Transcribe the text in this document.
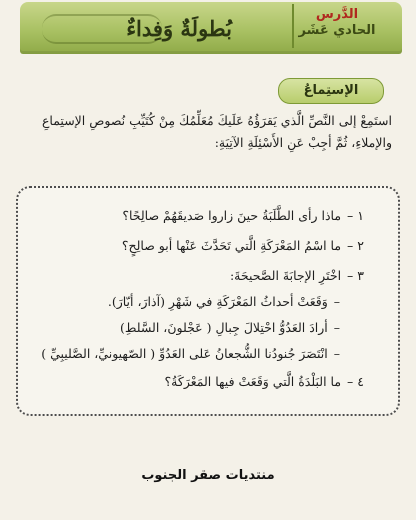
بُطولَةٌ وَفِداءٌ
الدَّرس
الحادي عَشَر
الإستِماعُ

استَمِعْ إلى النَّصِّ الَّذي يَقرَؤُهُ عَلَيكَ مُعَلِّمُكَ مِنْ كُتَيِّبِ نُصوصِ الإستِماعِ

والإملاءِ، ثُمَّ أجِبْ عَنِ الأَسْئِلَةِ الآتِيَةِ:

١ –ماذا رأى الطَّلَبَةُ حينَ زاروا صَديقَهُمْ صالِحًا؟
٢ –ما اسْمُ المَعْرَكَةِ الَّتي تَحَدَّثَ عَنْها أبو صالِحٍ؟
٣ –اخْتَرِ الإجابَةَ الصَّحيحَةَ:
–وَقَعَتْ أحداثُ المَعْرَكَةِ في شَهْرِ (آذارَ، أيّارَ).
–أرادَ العَدُوُّ احْتِلالَ جِبالِ ( عَجْلونَ، السَّلطِ)
–انْتَصَرَ جُنودُنا الشُّجعانُ عَلى العَدُوِّ ( الصّهيونيِّ، الصَّليبِيِّ )
٤ –ما البَلْدَةُ الَّتي وَقَعَتْ فيها المَعْرَكَةُ؟
منتديات صقر الجنوب
